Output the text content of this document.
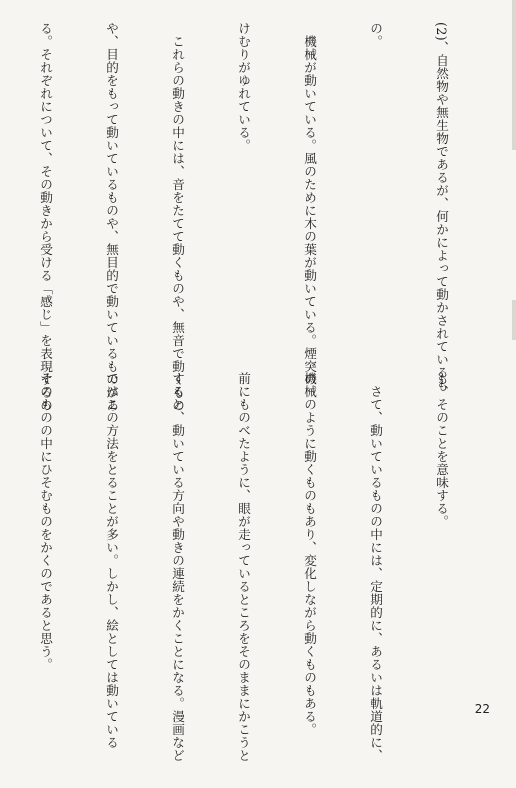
(2)、自然物や無生物であるが、何かによって動かされているも

の。

　機械が動いている。風のために木の葉が動いている。煙突の

けむりがゆれている。

　これらの動きの中には、音をたてて動くものや、無音で動くもの

や、目的をもって動いているものや、無目的で動いているものがあ

る。それぞれについて、その動きから受ける「感じ」を表現するの

も、そのことを意味する。

　さて、動いているものの中には、定期的に、あるいは軌道的に、

機械のように動くものもあり、変化しながら動くものもある。

前にものべたように、眼が走っているところをそのままにかこうと

すると、動いている方向や動きの連続をかくことになる。漫画など

ではこの方法をとることが多い。しかし、絵としては動いている

そのものの中にひそむものをかくのであると思う。

22
